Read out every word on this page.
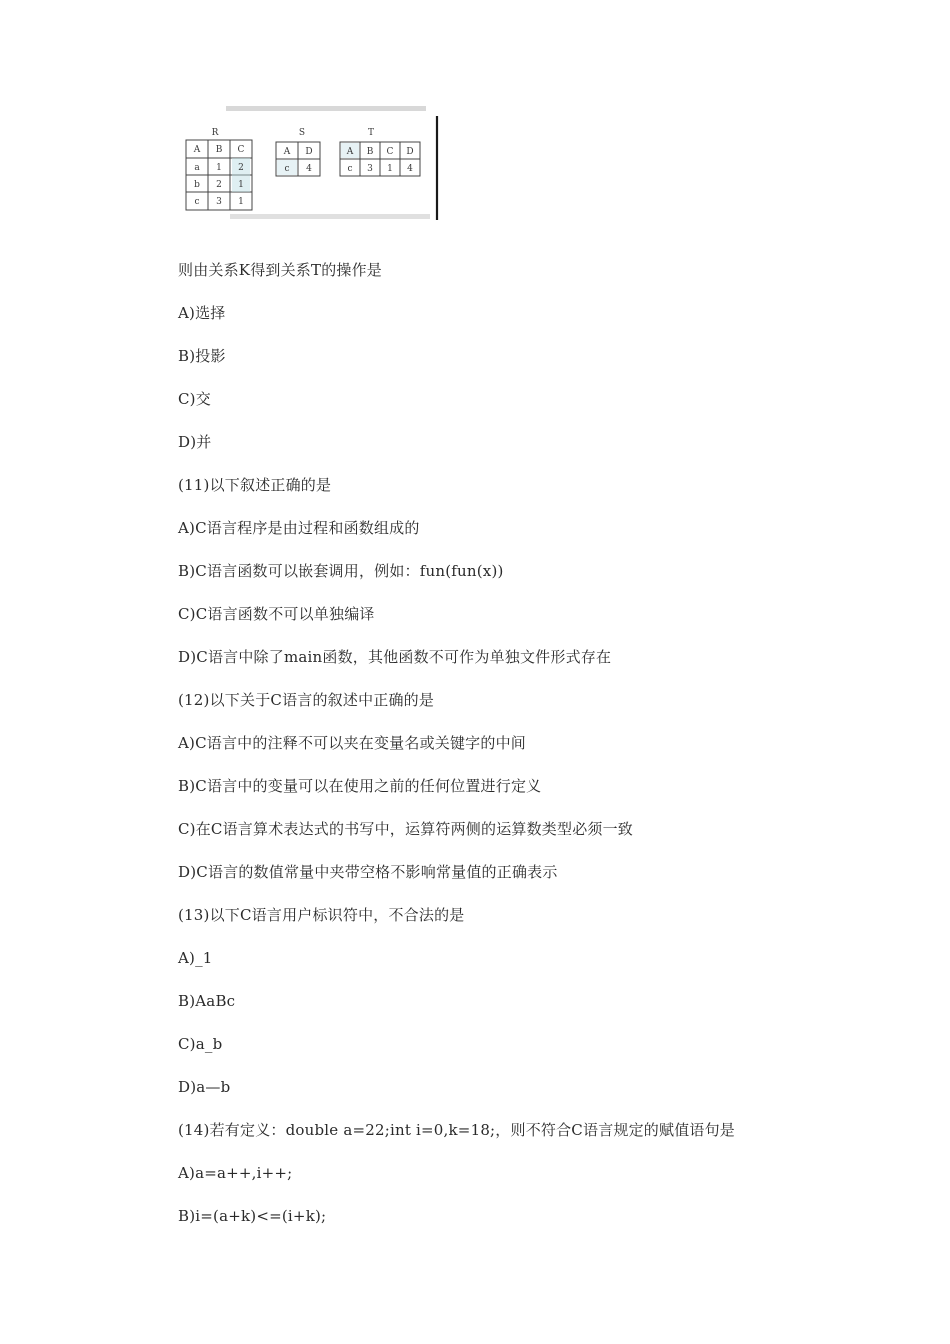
R
A B C
a 1 2
b 2 1
c 3 1
S
A D
c 4
T
A B C D
c 3 1 4
则由关系K得到关系T的操作是
A)选择
B)投影
C)交
D)并
(11)以下叙述正确的是
A)C语言程序是由过程和函数组成的
B)C语言函数可以嵌套调用，例如：fun(fun(x))
C)C语言函数不可以单独编译
D)C语言中除了main函数，其他函数不可作为单独文件形式存在
(12)以下关于C语言的叙述中正确的是
A)C语言中的注释不可以夹在变量名或关键字的中间
B)C语言中的变量可以在使用之前的任何位置进行定义
C)在C语言算术表达式的书写中，运算符两侧的运算数类型必须一致
D)C语言的数值常量中夹带空格不影响常量值的正确表示
(13)以下C语言用户标识符中，不合法的是
A)_1
B)AaBc
C)a_b
D)a—b
(14)若有定义：double a=22;int i=0,k=18;，则不符合C语言规定的赋值语句是
A)a=a++,i++;
B)i=(a+k)<=(i+k);
